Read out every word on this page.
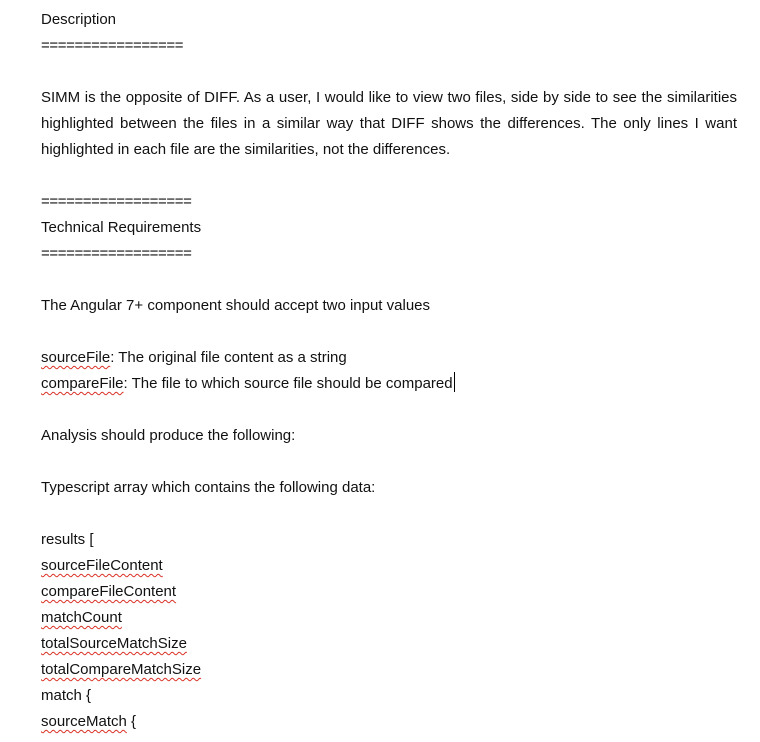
Description
=================

SIMM is the opposite of DIFF. As a user, I would like to view two files, side by side to see the similarities highlighted between the files in a similar way that DIFF shows the differences. The only lines I want highlighted in each file are the similarities, not the differences.

==================
Technical Requirements
==================
The Angular 7+ component should accept two input values
sourceFile: The original file content as a string
compareFile: The file to which source file should be compared
Analysis should produce the following:
Typescript array which contains the following data:
results [
sourceFileContent
compareFileContent
matchCount
totalSourceMatchSize
totalCompareMatchSize
match {
sourceMatch {
